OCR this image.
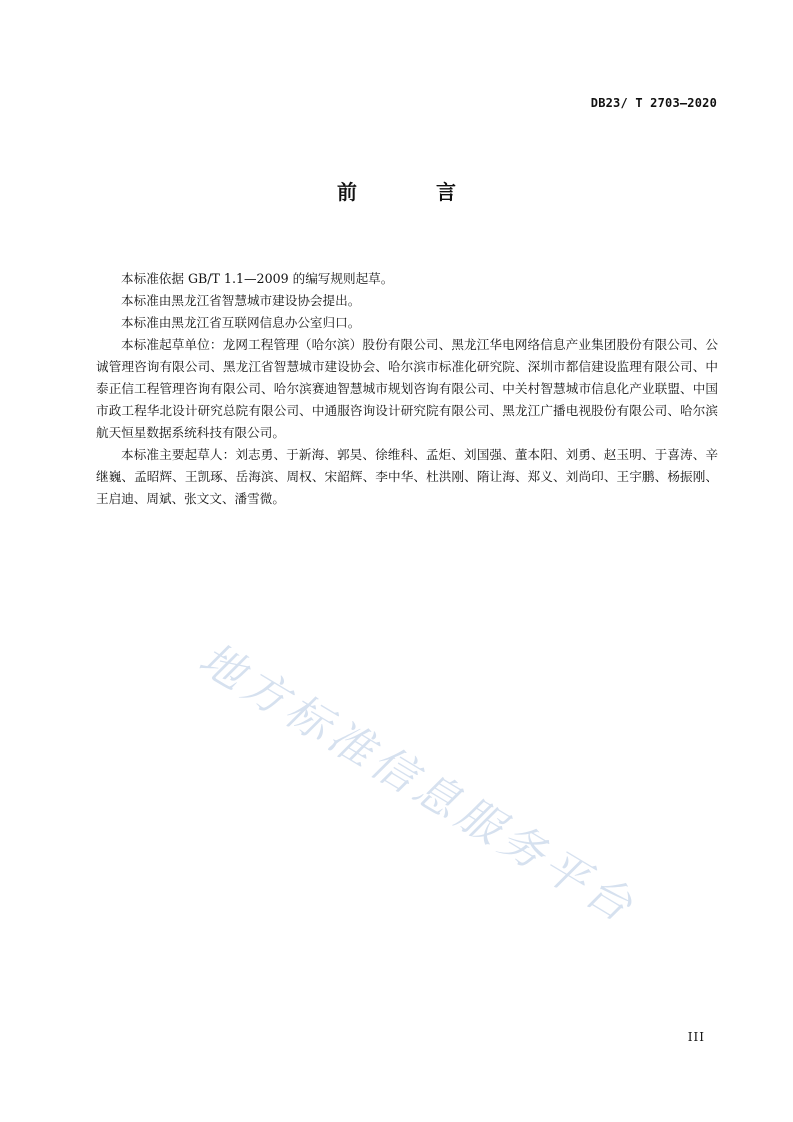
DB23/ T 2703—2020
前 言

本标准依据 GB/T 1.1—2009 的编写规则起草。

本标准由黑龙江省智慧城市建设协会提出。

本标准由黑龙江省互联网信息办公室归口。

本标准起草单位：龙网工程管理（哈尔滨）股份有限公司、黑龙江华电网络信息产业集团股份有限公司、公诚管理咨询有限公司、黑龙江省智慧城市建设协会、哈尔滨市标准化研究院、深圳市都信建设监理有限公司、中泰正信工程管理咨询有限公司、哈尔滨赛迪智慧城市规划咨询有限公司、中关村智慧城市信息化产业联盟、中国市政工程华北设计研究总院有限公司、中通服咨询设计研究院有限公司、黑龙江广播电视股份有限公司、哈尔滨航天恒星数据系统科技有限公司。

本标准主要起草人：刘志勇、于新海、郭昊、徐维科、孟炬、刘国强、董本阳、刘勇、赵玉明、于喜涛、辛继巍、孟昭辉、王凯琢、岳海滨、周权、宋韶辉、李中华、杜洪刚、隋让海、郑义、刘尚印、王宇鹏、杨振刚、王启迪、周斌、张文文、潘雪微。

地方标准信息服务平台
III
